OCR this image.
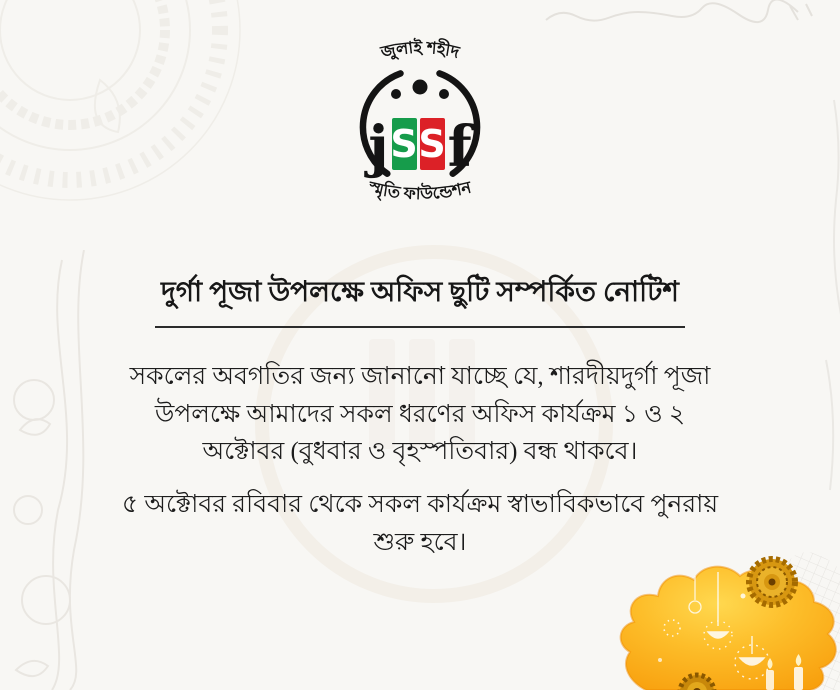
জুলাই শহীদ
স্মৃতি ফাউন্ডেশন
j S S f
দুর্গা পূজা উপলক্ষে অফিস ছুটি সম্পর্কিত নোটিশ

সকলের অবগতির জন্য জানানো যাচ্ছে যে, শারদীয়দুর্গা পূজা উপলক্ষে আমাদের সকল ধরণের অফিস কার্যক্রম ১ ও ২ অক্টোবর (বুধবার ও বৃহস্পতিবার) বন্ধ থাকবে।

৫ অক্টোবর রবিবার থেকে সকল কার্যক্রম স্বাভাবিকভাবে পুনরায় শুরু হবে।
